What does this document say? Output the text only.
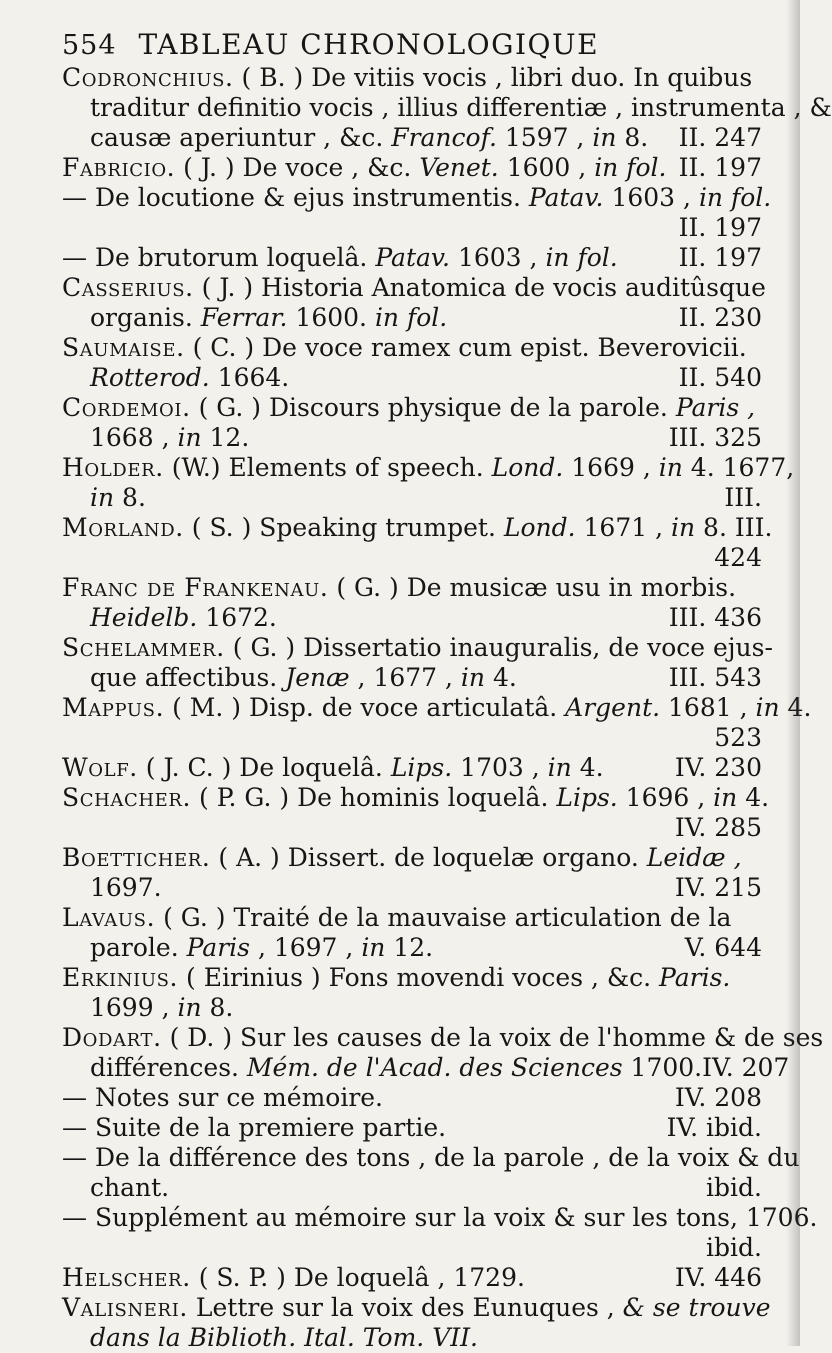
554 TABLEAU CHRONOLOGIQUE
Codronchius. ( B. ) De vitiis vocis , libri duo. In quibus
traditur definitio vocis , illius differentiæ , instrumenta , &
causæ aperiuntur , &c. Francof. 1597 , in 8. II. 247
Fabricio. ( J. ) De voce , &c. Venet. 1600 , in fol. II. 197
— De locutione & ejus instrumentis. Patav. 1603 , in fol.
II. 197
— De brutorum loquelâ. Patav. 1603 , in fol. II. 197
Casserius. ( J. ) Historia Anatomica de vocis auditûsque
organis. Ferrar. 1600. in fol.	II. 230
Saumaise. ( C. ) De voce ramex cum epist. Beverovicii.
Rotterod. 1664.	II. 540
Cordemoi. ( G. ) Discours physique de la parole. Paris ,
1668 , in 12.	III. 325
Holder. (W.) Elements of speech. Lond. 1669 , in 4. 1677,
in 8.	III.
Morland. ( S. ) Speaking trumpet. Lond. 1671 , in 8. III.
424
Franc de Frankenau. ( G. ) De musicæ usu in morbis.
Heidelb. 1672.	III. 436
Schelammer. ( G. ) Dissertatio inauguralis, de voce ejus-
que affectibus. Jenæ , 1677 , in 4.	III. 543
Mappus. ( M. ) Disp. de voce articulatâ. Argent. 1681 , in 4.
523
Wolf. ( J. C. ) De loquelâ. Lips. 1703 , in 4.	IV. 230
Schacher. ( P. G. ) De hominis loquelâ. Lips. 1696 , in 4.
IV. 285
Boetticher. ( A. ) Dissert. de loquelæ organo. Leidæ ,
1697.	IV. 215
Lavaus. ( G. ) Traité de la mauvaise articulation de la
parole. Paris , 1697 , in 12.	V. 644
Erkinius. ( Eirinius ) Fons movendi voces , &c. Paris.
1699 , in 8.
Dodart. ( D. ) Sur les causes de la voix de l'homme & de ses
différences. Mém. de l'Acad. des Sciences 1700. IV. 207
— Notes sur ce mémoire.	IV. 208
— Suite de la premiere partie.	IV. ibid.
— De la différence des tons , de la parole , de la voix & du
chant.	ibid.
— Supplément au mémoire sur la voix & sur les tons, 1706.
ibid.
Helscher. ( S. P. ) De loquelâ , 1729.	IV. 446
Valisneri. Lettre sur la voix des Eunuques , & se trouve
dans la Biblioth. Ital. Tom. VII.
